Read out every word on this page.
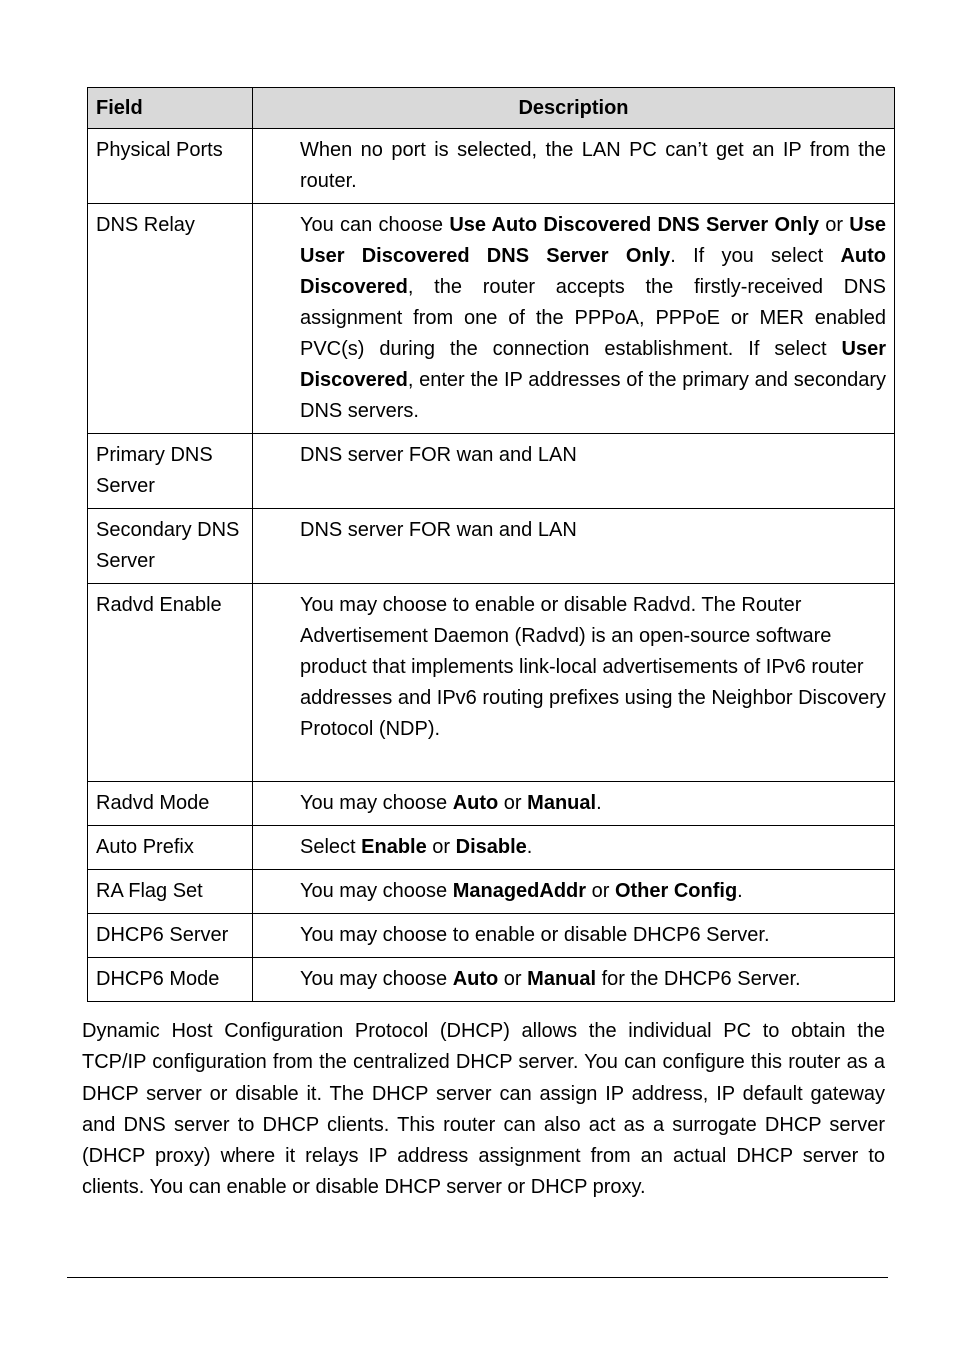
Field	Description
Physical Ports	When no port is selected, the LAN PC can’t get an IP from the router.
DNS Relay	You can choose Use Auto Discovered DNS Server Only or Use User Discovered DNS Server Only. If you select Auto Discovered, the router accepts the firstly-received DNS assignment from one of the PPPoA, PPPoE or MER enabled PVC(s) during the connection establishment. If select User Discovered, enter the IP addresses of the primary and secondary DNS servers.
Primary DNS Server	DNS server FOR wan and LAN
Secondary DNS Server	DNS server FOR wan and LAN
Radvd Enable	You may choose to enable or disable Radvd. The Router Advertisement Daemon (Radvd) is an open-source software product that implements link-local advertisements of IPv6 router addresses and IPv6 routing prefixes using the Neighbor Discovery Protocol (NDP).
Radvd Mode	You may choose Auto or Manual.
Auto Prefix	Select Enable or Disable.
RA Flag Set	You may choose ManagedAddr or Other Config.
DHCP6 Server	You may choose to enable or disable DHCP6 Server.
DHCP6 Mode	You may choose Auto or Manual for the DHCP6 Server.

Dynamic Host Configuration Protocol (DHCP) allows the individual PC to obtain the TCP/IP configuration from the centralized DHCP server. You can configure this router as a DHCP server or disable it. The DHCP server can assign IP address, IP default gateway and DNS server to DHCP clients. This router can also act as a surrogate DHCP server (DHCP proxy) where it relays IP address assignment from an actual DHCP server to clients. You can enable or disable DHCP server or DHCP proxy.
